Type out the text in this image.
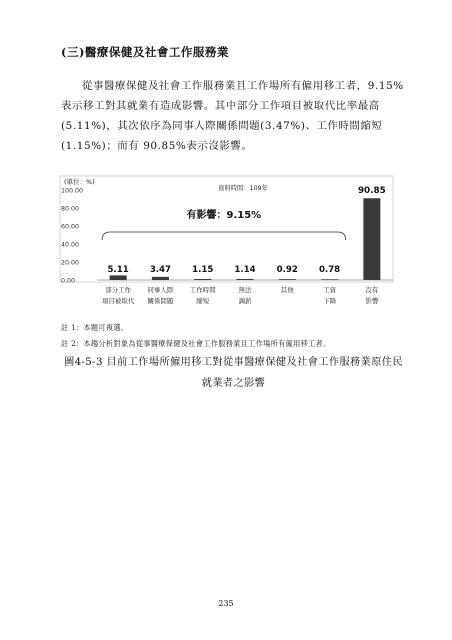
(三)醫療保健及社會工作服務業
從事醫療保健及社會工作服務業且工作場所有僱用移工者，9.15%
表示移工對其就業有造成影響。其中部分工作項目被取代比率最高
(5.11%)，其次依序為同事人際關係問題(3.47%)、工作時間縮短
(1.15%)；而有 90.85%表示沒影響。
(單位：%)
資料時間：109年
100.00
80.00
60.00
40.00
20.00
0.00
有影響：9.15%
5.11
部分工作
項目被取代
3.47
同事人際
關係問題
1.15
工作時間
縮短
1.14
無法
調薪
0.92
其他
0.78
工資
下降
90.85
沒有
影響
註 1：本題可複選。
註 2：本趨分析對象為從事醫療保健及社會工作服務業且工作場所有僱用移工者。
圖4-5-3 目前工作場所僱用移工對從事醫療保健及社會工作服務業原住民
就業者之影響
235
